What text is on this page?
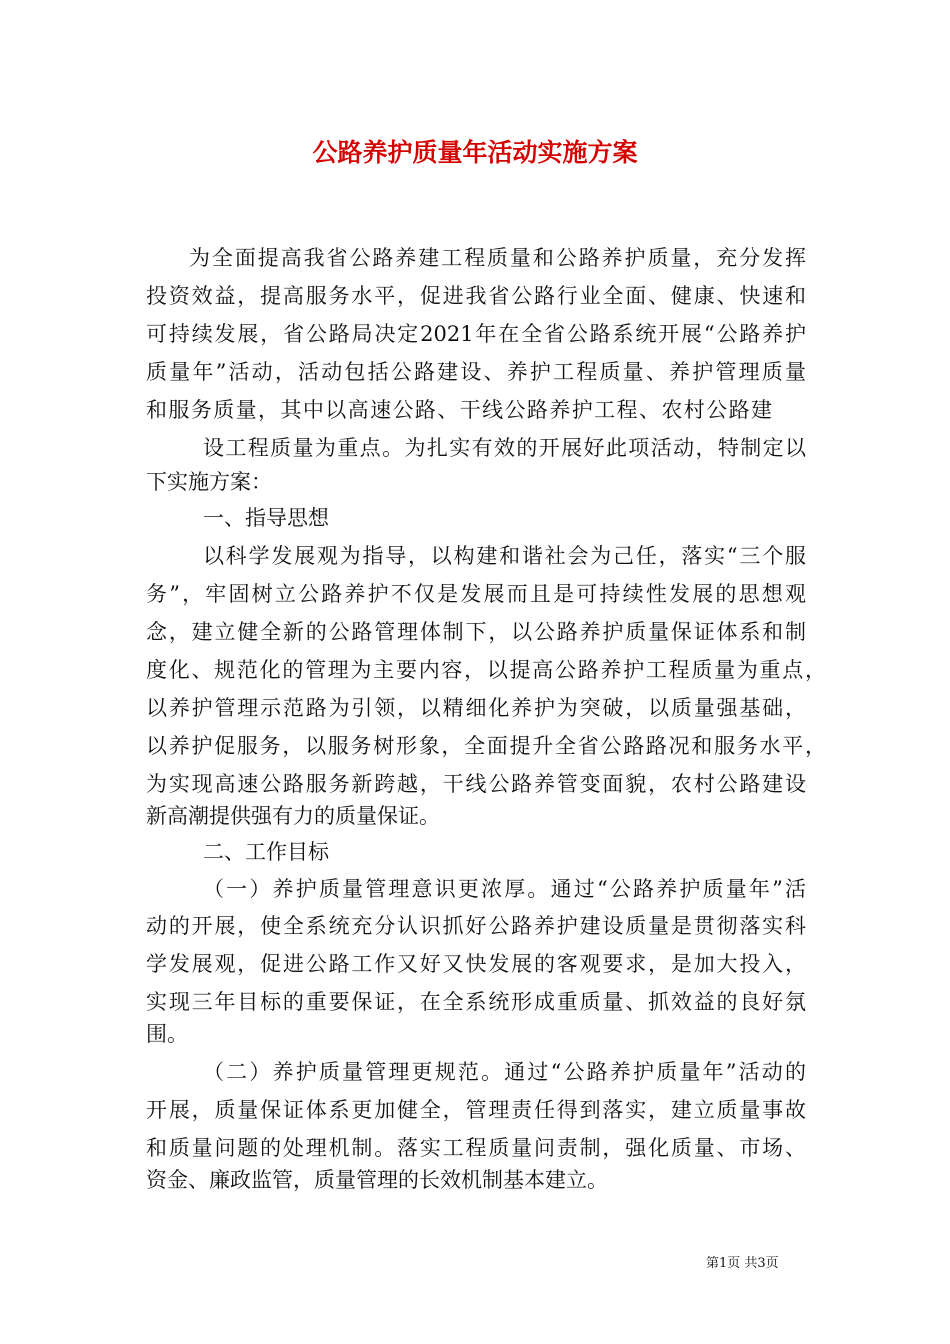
公路养护质量年活动实施方案

为全面提高我省公路养建工程质量和公路养护质量，充分发挥

投资效益，提高服务水平，促进我省公路行业全面、健康、快速和

可持续发展，省公路局决定2021年在全省公路系统开展“公路养护

质量年”活动，活动包括公路建设、养护工程质量、养护管理质量

和服务质量，其中以高速公路、干线公路养护工程、农村公路建

设工程质量为重点。为扎实有效的开展好此项活动，特制定以

下实施方案：

一、指导思想

以科学发展观为指导，以构建和谐社会为己任，落实“三个服

务”，牢固树立公路养护不仅是发展而且是可持续性发展的思想观

念，建立健全新的公路管理体制下，以公路养护质量保证体系和制

度化、规范化的管理为主要内容，以提高公路养护工程质量为重点，

以养护管理示范路为引领，以精细化养护为突破，以质量强基础，

以养护促服务，以服务树形象，全面提升全省公路路况和服务水平，

为实现高速公路服务新跨越，干线公路养管变面貌，农村公路建设

新高潮提供强有力的质量保证。

二、工作目标

（一）养护质量管理意识更浓厚。通过“公路养护质量年”活

动的开展，使全系统充分认识抓好公路养护建设质量是贯彻落实科

学发展观，促进公路工作又好又快发展的客观要求，是加大投入，

实现三年目标的重要保证，在全系统形成重质量、抓效益的良好氛

围。

（二）养护质量管理更规范。通过“公路养护质量年”活动的

开展，质量保证体系更加健全，管理责任得到落实，建立质量事故

和质量问题的处理机制。落实工程质量问责制，强化质量、市场、

资金、廉政监管，质量管理的长效机制基本建立。

第1页 共3页
